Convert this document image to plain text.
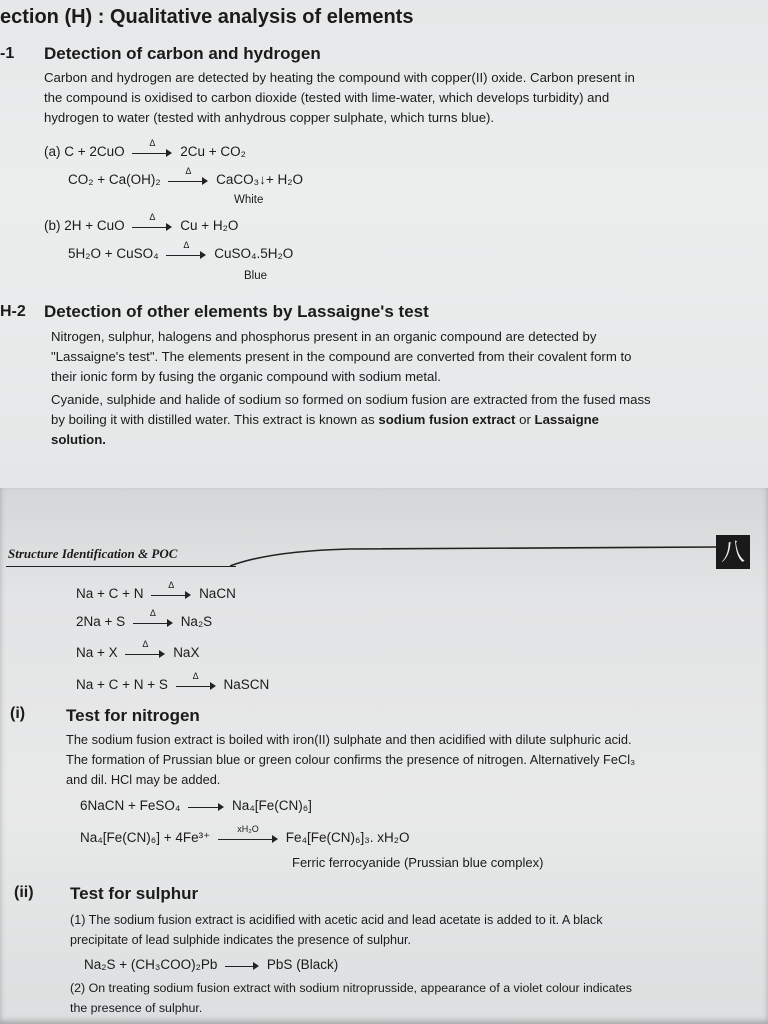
ection (H) : Qualitative analysis of elements
-1 Detection of carbon and hydrogen
Carbon and hydrogen are detected by heating the compound with copper(II) oxide. Carbon present in
the compound is oxidised to carbon dioxide (tested with lime-water, which develops turbidity) and
hydrogen to water (tested with anhydrous copper sulphate, which turns blue).
(a) C + 2CuO
Δ
2Cu + CO₂
CO₂ + Ca(OH)₂
Δ
CaCO₃↓+ H₂O
White
(b) 2H + CuO
Δ
Cu + H₂O
5H₂O + CuSO₄
Δ
CuSO₄.5H₂O
Blue
H-2 Detection of other elements by Lassaigne's test
Nitrogen, sulphur, halogens and phosphorus present in an organic compound are detected by
"Lassaigne's test". The elements present in the compound are converted from their covalent form to
their ionic form by fusing the organic compound with sodium metal.
Cyanide, sulphide and halide of sodium so formed on sodium fusion are extracted from the fused mass
by boiling it with distilled water. This extract is known as sodium fusion extract or Lassaigne
solution.
Structure Identification & POC	八
Na + C + N
Δ
NaCN
2Na + S
Δ
Na₂S
Na + X
Δ
NaX
Na + C + N + S
Δ
NaSCN
(i) Test for nitrogen
The sodium fusion extract is boiled with iron(II) sulphate and then acidified with dilute sulphuric acid.
The formation of Prussian blue or green colour confirms the presence of nitrogen. Alternatively FeCl₃
and dil. HCl may be added.
6NaCN + FeSO₄	Na₄[Fe(CN)₆]
Na₄[Fe(CN)₆] + 4Fe³⁺
xH₂O
Fe₄[Fe(CN)₆]₃. xH₂O
Ferric ferrocyanide (Prussian blue complex)
(ii) Test for sulphur
(1) The sodium fusion extract is acidified with acetic acid and lead acetate is added to it. A black
precipitate of lead sulphide indicates the presence of sulphur.
Na₂S + (CH₃COO)₂Pb	PbS (Black)
(2) On treating sodium fusion extract with sodium nitroprusside, appearance of a violet colour indicates
the presence of sulphur.
